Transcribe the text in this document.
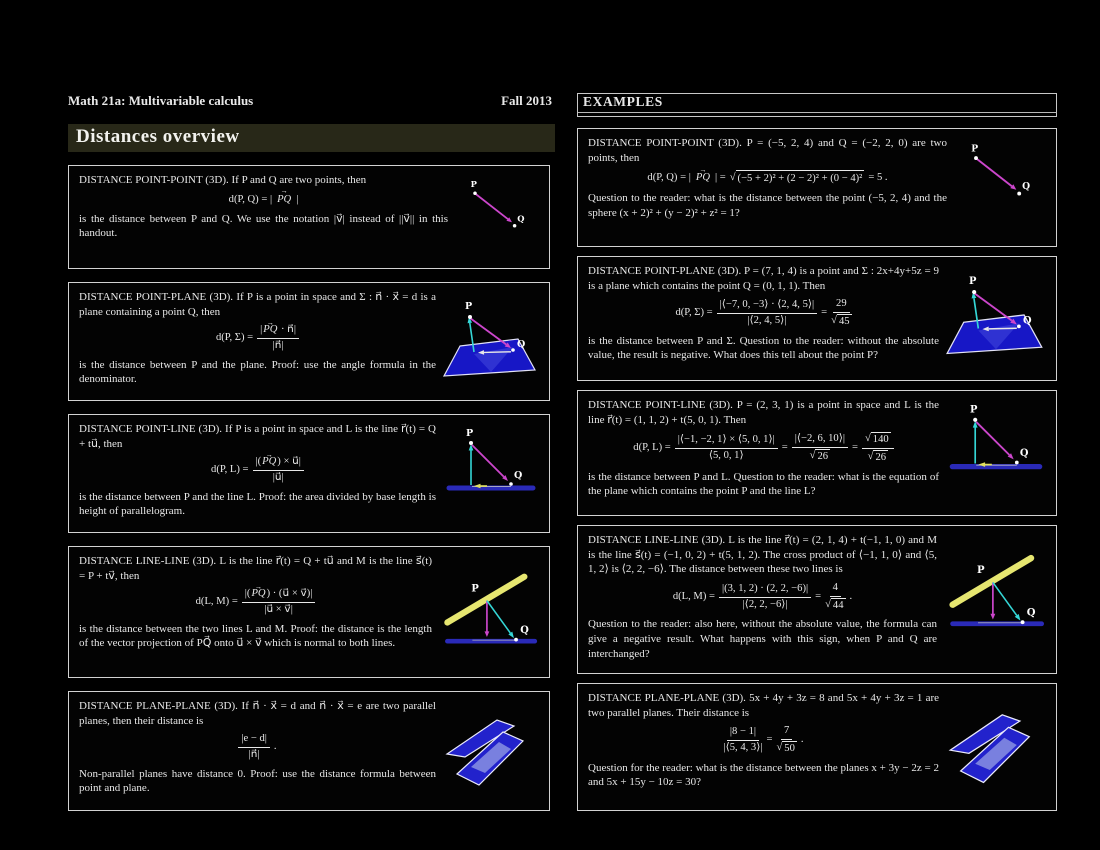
Math 21a: Multivariable calculus	Fall 2013
Distances overview

DISTANCE POINT-POINT (3D). If P and Q are two points, then

d(P, Q) = | PQ → |

is the distance between P and Q. We use the notation |v⃗| instead of ||v⃗|| in this handout.

P
Q

DISTANCE POINT-PLANE (3D). If P is a point in space and Σ : n⃗ · x⃗ = d is a plane containing a point Q, then

d(P, $\Sigma) = \frac{|PQ \to \cdot n⃗|}{|n⃗|}$

is the distance between P and the plane. Proof: use the angle formula in the denominator.

P
Q

DISTANCE POINT-LINE (3D). If P is a point in space and L is the line r⃗(t) = Q + tu⃗, then

d(P, $L) = \frac{|(PQ \to) \times u⃗|}{|u⃗|}$

is the distance between P and the line L. Proof: the area divided by base length is height of parallelogram.

P
Q

DISTANCE LINE-LINE (3D). L is the line r⃗(t) = Q + tu⃗ and M is the line s⃗(t) = P + tv⃗, then

d(L, $M) = \frac{|(PQ \to) \cdot (u⃗ \times v⃗)|}{|u⃗ \times v⃗|}$

is the distance between the two lines L and M. Proof: the distance is the length of the vector projection of PQ⃗ onto u⃗ × v⃗ which is normal to both lines.

P
Q

DISTANCE PLANE-PLANE (3D). If n⃗ · x⃗ = d and n⃗ · x⃗ = e are two parallel planes, then their distance is

$\frac{|e - d|}{|n⃗|}$ .

Non-parallel planes have distance 0. Proof: use the distance formula between point and plane.

EXAMPLES

DISTANCE POINT-POINT (3D). P = (−5, 2, 4) and Q = (−2, 2, 0) are two points, then

d(P, Q) = | PQ → | = √ (−5 + 2)² + (2 − 2)² + (0 − 4)² = 5 .

Question to the reader: what is the distance between the point (−5, 2, 4) and the sphere (x + 2)² + (y − 2)² + z² = 1?

P
Q

DISTANCE POINT-PLANE (3D). P = (7, 1, 4) is a point and Σ : 2x+4y+5z = 9 is a plane which contains the point Q = (0, 1, 1). Then

d(P, $\Sigma) = \frac{|⟨-7, 0, -3⟩ \cdot ⟨2, 4, 5⟩|}{|⟨2, 4, 5⟩|} = \frac{29}{√ 45}$

is the distance between P and Σ. Question to the reader: without the absolute value, the result is negative. What does this tell about the point P?

P
Q

DISTANCE POINT-LINE (3D). P = (2, 3, 1) is a point in space and L is the line r⃗(t) = (1, 1, 2) + t(5, 0, 1). Then

d(P, $L) = \frac{|⟨-1, -2, 1⟩ \times ⟨5, 0, 1⟩|}{⟨5, 0, 1⟩} = \frac{|⟨-2, 6, 10⟩|}{√ 26} = \frac{√ 140}{√ 26}$

is the distance between P and L. Question to the reader: what is the equation of the plane which contains the point P and the line L?

P
Q

DISTANCE LINE-LINE (3D). L is the line r⃗(t) = (2, 1, 4) + t(−1, 1, 0) and M is the line s⃗(t) = (−1, 0, 2) + t(5, 1, 2). The cross product of ⟨−1, 1, 0⟩ and ⟨5, 1, 2⟩ is ⟨2, 2, −6⟩. The distance between these two lines is

d(L, $M) = \frac{|(3, 1, 2) \cdot (2, 2, -6)|}{|⟨2, 2, -6⟩|} = \frac{4}{√ 44}$ .

Question to the reader: also here, without the absolute value, the formula can give a negative result. What happens with this sign, when P and Q are interchanged?

P
Q

DISTANCE PLANE-PLANE (3D). 5x + 4y + 3z = 8 and 5x + 4y + 3z = 1 are two parallel planes. Their distance is

$\frac{|8 - 1|}{|⟨5, 4, 3⟩|} = \frac{7}{√ 50}$ .

Question for the reader: what is the distance between the planes x + 3y − 2z = 2 and 5x + 15y − 10z = 30?
